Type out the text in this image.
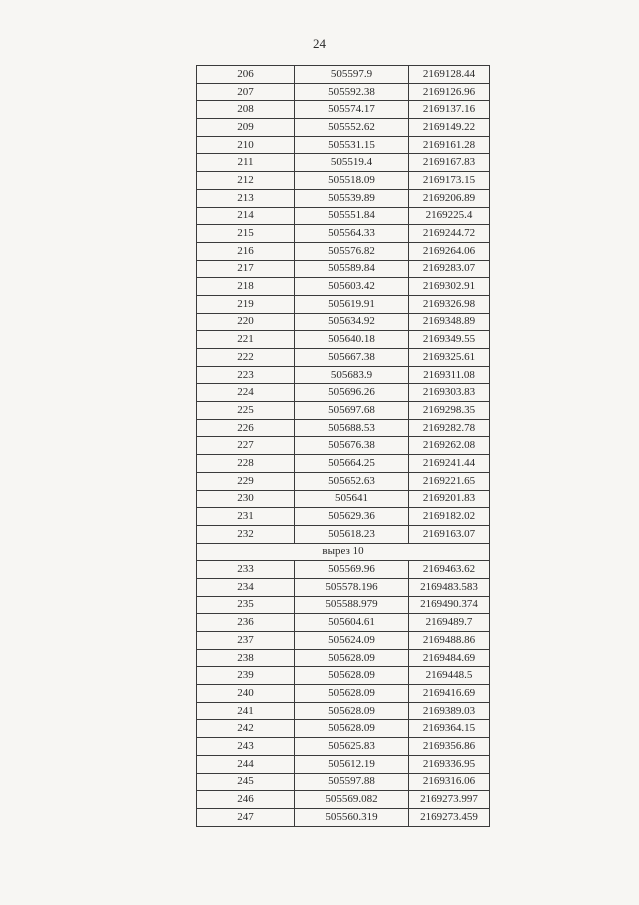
24
206	505597.9	2169128.44
207	505592.38	2169126.96
208	505574.17	2169137.16
209	505552.62	2169149.22
210	505531.15	2169161.28
211	505519.4	2169167.83
212	505518.09	2169173.15
213	505539.89	2169206.89
214	505551.84	2169225.4
215	505564.33	2169244.72
216	505576.82	2169264.06
217	505589.84	2169283.07
218	505603.42	2169302.91
219	505619.91	2169326.98
220	505634.92	2169348.89
221	505640.18	2169349.55
222	505667.38	2169325.61
223	505683.9	2169311.08
224	505696.26	2169303.83
225	505697.68	2169298.35
226	505688.53	2169282.78
227	505676.38	2169262.08
228	505664.25	2169241.44
229	505652.63	2169221.65
230	505641	2169201.83
231	505629.36	2169182.02
232	505618.23	2169163.07
вырез 10		
233	505569.96	2169463.62
234	505578.196	2169483.583
235	505588.979	2169490.374
236	505604.61	2169489.7
237	505624.09	2169488.86
238	505628.09	2169484.69
239	505628.09	2169448.5
240	505628.09	2169416.69
241	505628.09	2169389.03
242	505628.09	2169364.15
243	505625.83	2169356.86
244	505612.19	2169336.95
245	505597.88	2169316.06
246	505569.082	2169273.997
247	505560.319	2169273.459
